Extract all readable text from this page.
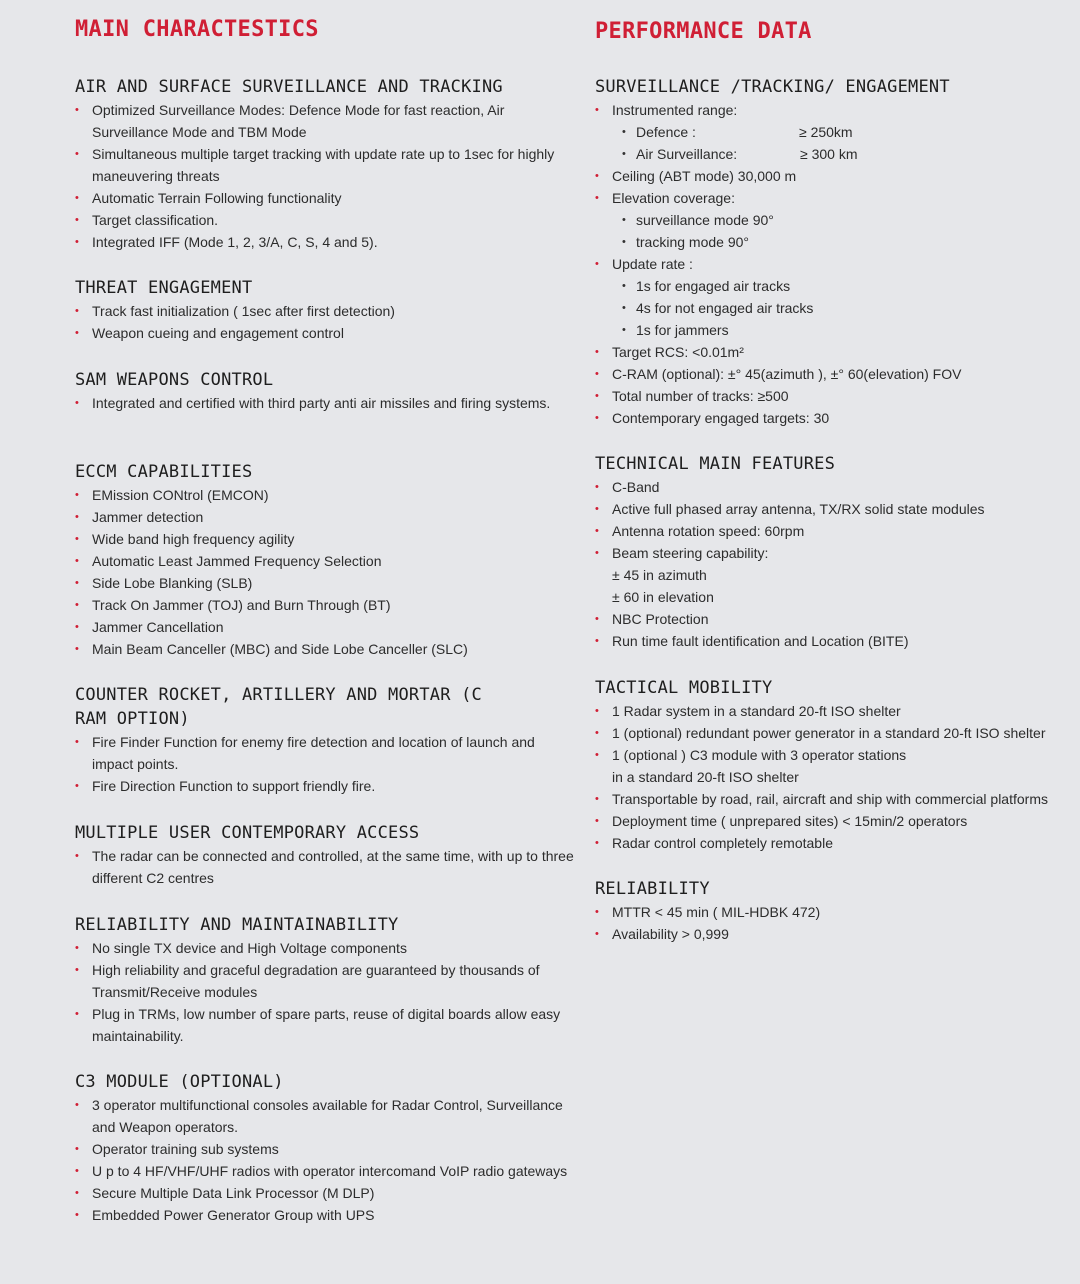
MAIN CHARACTESTICS
AIR AND SURFACE SURVEILLANCE AND TRACKING
• Optimized Surveillance Modes: Defence Mode for fast reaction, Air Surveillance Mode and TBM Mode
• Simultaneous multiple target tracking with update rate up to 1sec for highly maneuvering threats
• Automatic Terrain Following functionality
• Target classification.
• Integrated IFF (Mode 1, 2, 3/A, C, S, 4 and 5).
THREAT ENGAGEMENT
• Track fast initialization ( 1sec after first detection)
• Weapon cueing and engagement control
SAM WEAPONS CONTROL
• Integrated and certified with third party anti air missiles and firing systems.
ECCM CAPABILITIES
• EMission CONtrol (EMCON)
• Jammer detection
• Wide band high frequency agility
• Automatic Least Jammed Frequency Selection
• Side Lobe Blanking (SLB)
• Track On Jammer (TOJ) and Burn Through (BT)
• Jammer Cancellation
• Main Beam Canceller (MBC) and Side Lobe Canceller (SLC)
COUNTER ROCKET, ARTILLERY AND MORTAR (C RAM OPTION)
• Fire Finder Function for enemy fire detection and location of launch and impact points.
• Fire Direction Function to support friendly fire.
MULTIPLE USER CONTEMPORARY ACCESS
• The radar can be connected and controlled, at the same time, with up to three different C2 centres
RELIABILITY AND MAINTAINABILITY
• No single TX device and High Voltage components
• High reliability and graceful degradation are guaranteed by thousands of Transmit/Receive modules
• Plug in TRMs, low number of spare parts, reuse of digital boards allow easy maintainability.
C3 MODULE (OPTIONAL)
• 3 operator multifunctional consoles available for Radar Control, Surveillance and Weapon operators.
• Operator training sub systems
• U p to 4 HF/VHF/UHF radios with operator intercomand VoIP radio gateways
• Secure Multiple Data Link Processor (M DLP)
• Embedded Power Generator Group with UPS
PERFORMANCE DATA
SURVEILLANCE /TRACKING/ ENGAGEMENT
• Instrumented range:
• Defence :	≥ 250km
• Air Surveillance:	≥ 300 km
• Ceiling (ABT mode) 30,000 m
• Elevation coverage:
• surveillance mode 90°
• tracking mode 90°
• Update rate :
• 1s for engaged air tracks
• 4s for not engaged air tracks
• 1s for jammers
• Target RCS: <0.01m²
• C-RAM (optional): ±° 45(azimuth ), ±° 60(elevation) FOV
• Total number of tracks: ≥500
• Contemporary engaged targets: 30
TECHNICAL MAIN FEATURES
• C-Band
• Active full phased array antenna, TX/RX solid state modules
• Antenna rotation speed: 60rpm
• Beam steering capability:
± 45 in azimuth
± 60 in elevation
• NBC Protection
• Run time fault identification and Location (BITE)
TACTICAL MOBILITY
• 1 Radar system in a standard 20-ft ISO shelter
• 1 (optional) redundant power generator in a standard 20-ft ISO shelter
• 1 (optional ) C3 module with 3 operator stations
in a standard 20-ft ISO shelter
• Transportable by road, rail, aircraft and ship with commercial platforms
• Deployment time ( unprepared sites) < 15min/2 operators
• Radar control completely remotable
RELIABILITY
• MTTR < 45 min ( MIL-HDBK 472)
• Availability > 0,999
